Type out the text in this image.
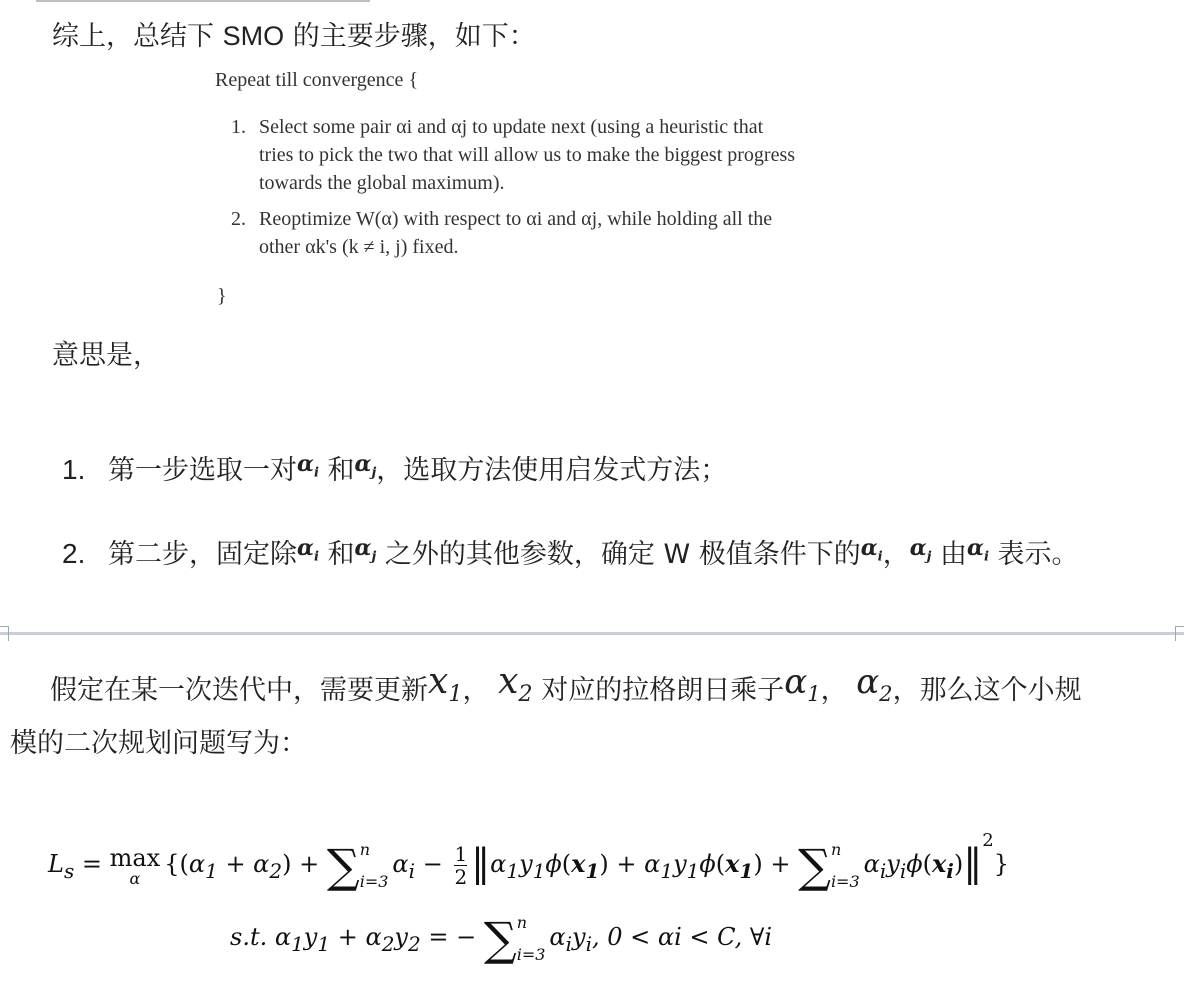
综上，总结下 SMO 的主要步骤，如下：
Repeat till convergence {
1. Select some pair αi and αj to update next (using a heuristic that
tries to pick the two that will allow us to make the biggest progress
towards the global maximum).
2. Reoptimize W(α) with respect to αi and αj, while holding all the
other αk's (k ≠ i, j) fixed.
}
意思是，
1. 第一步选取一对$^{\alpha_i}$ 和$^{\alpha_j}$，选取方法使用启发式方法；
2. 第二步，固定除$^{\alpha_i}$ 和$^{\alpha_j}$ 之外的其他参数，确定 W 极值条件下的$^{\alpha_i}$，$^{\alpha_j}$ 由$^{\alpha_i}$ 表示。
假定在某一次迭代中，需要更新$x_1$， $x_2$ 对应的拉格朗日乘子$\alpha_1$， $\alpha_2$，那么这个小规
模的二次规划问题写为：
$L_s = \max$
α {$(\alpha_1 + \alpha_2) + \sum n$

$i=3\alpha_i - \frac{1}{2}$ $‖\alpha_1y_1\phi(x_1) + \alpha_1y_1\phi(x_1) + \sum n$

$i=3\alpha_iy_i\phi(x_i)‖^2$}
s.t. $\alpha_1y_1 + \alpha_2y_2$ = − ∑n

$i=3\alpha_iy_i$, 0 < αi < C, ∀i
